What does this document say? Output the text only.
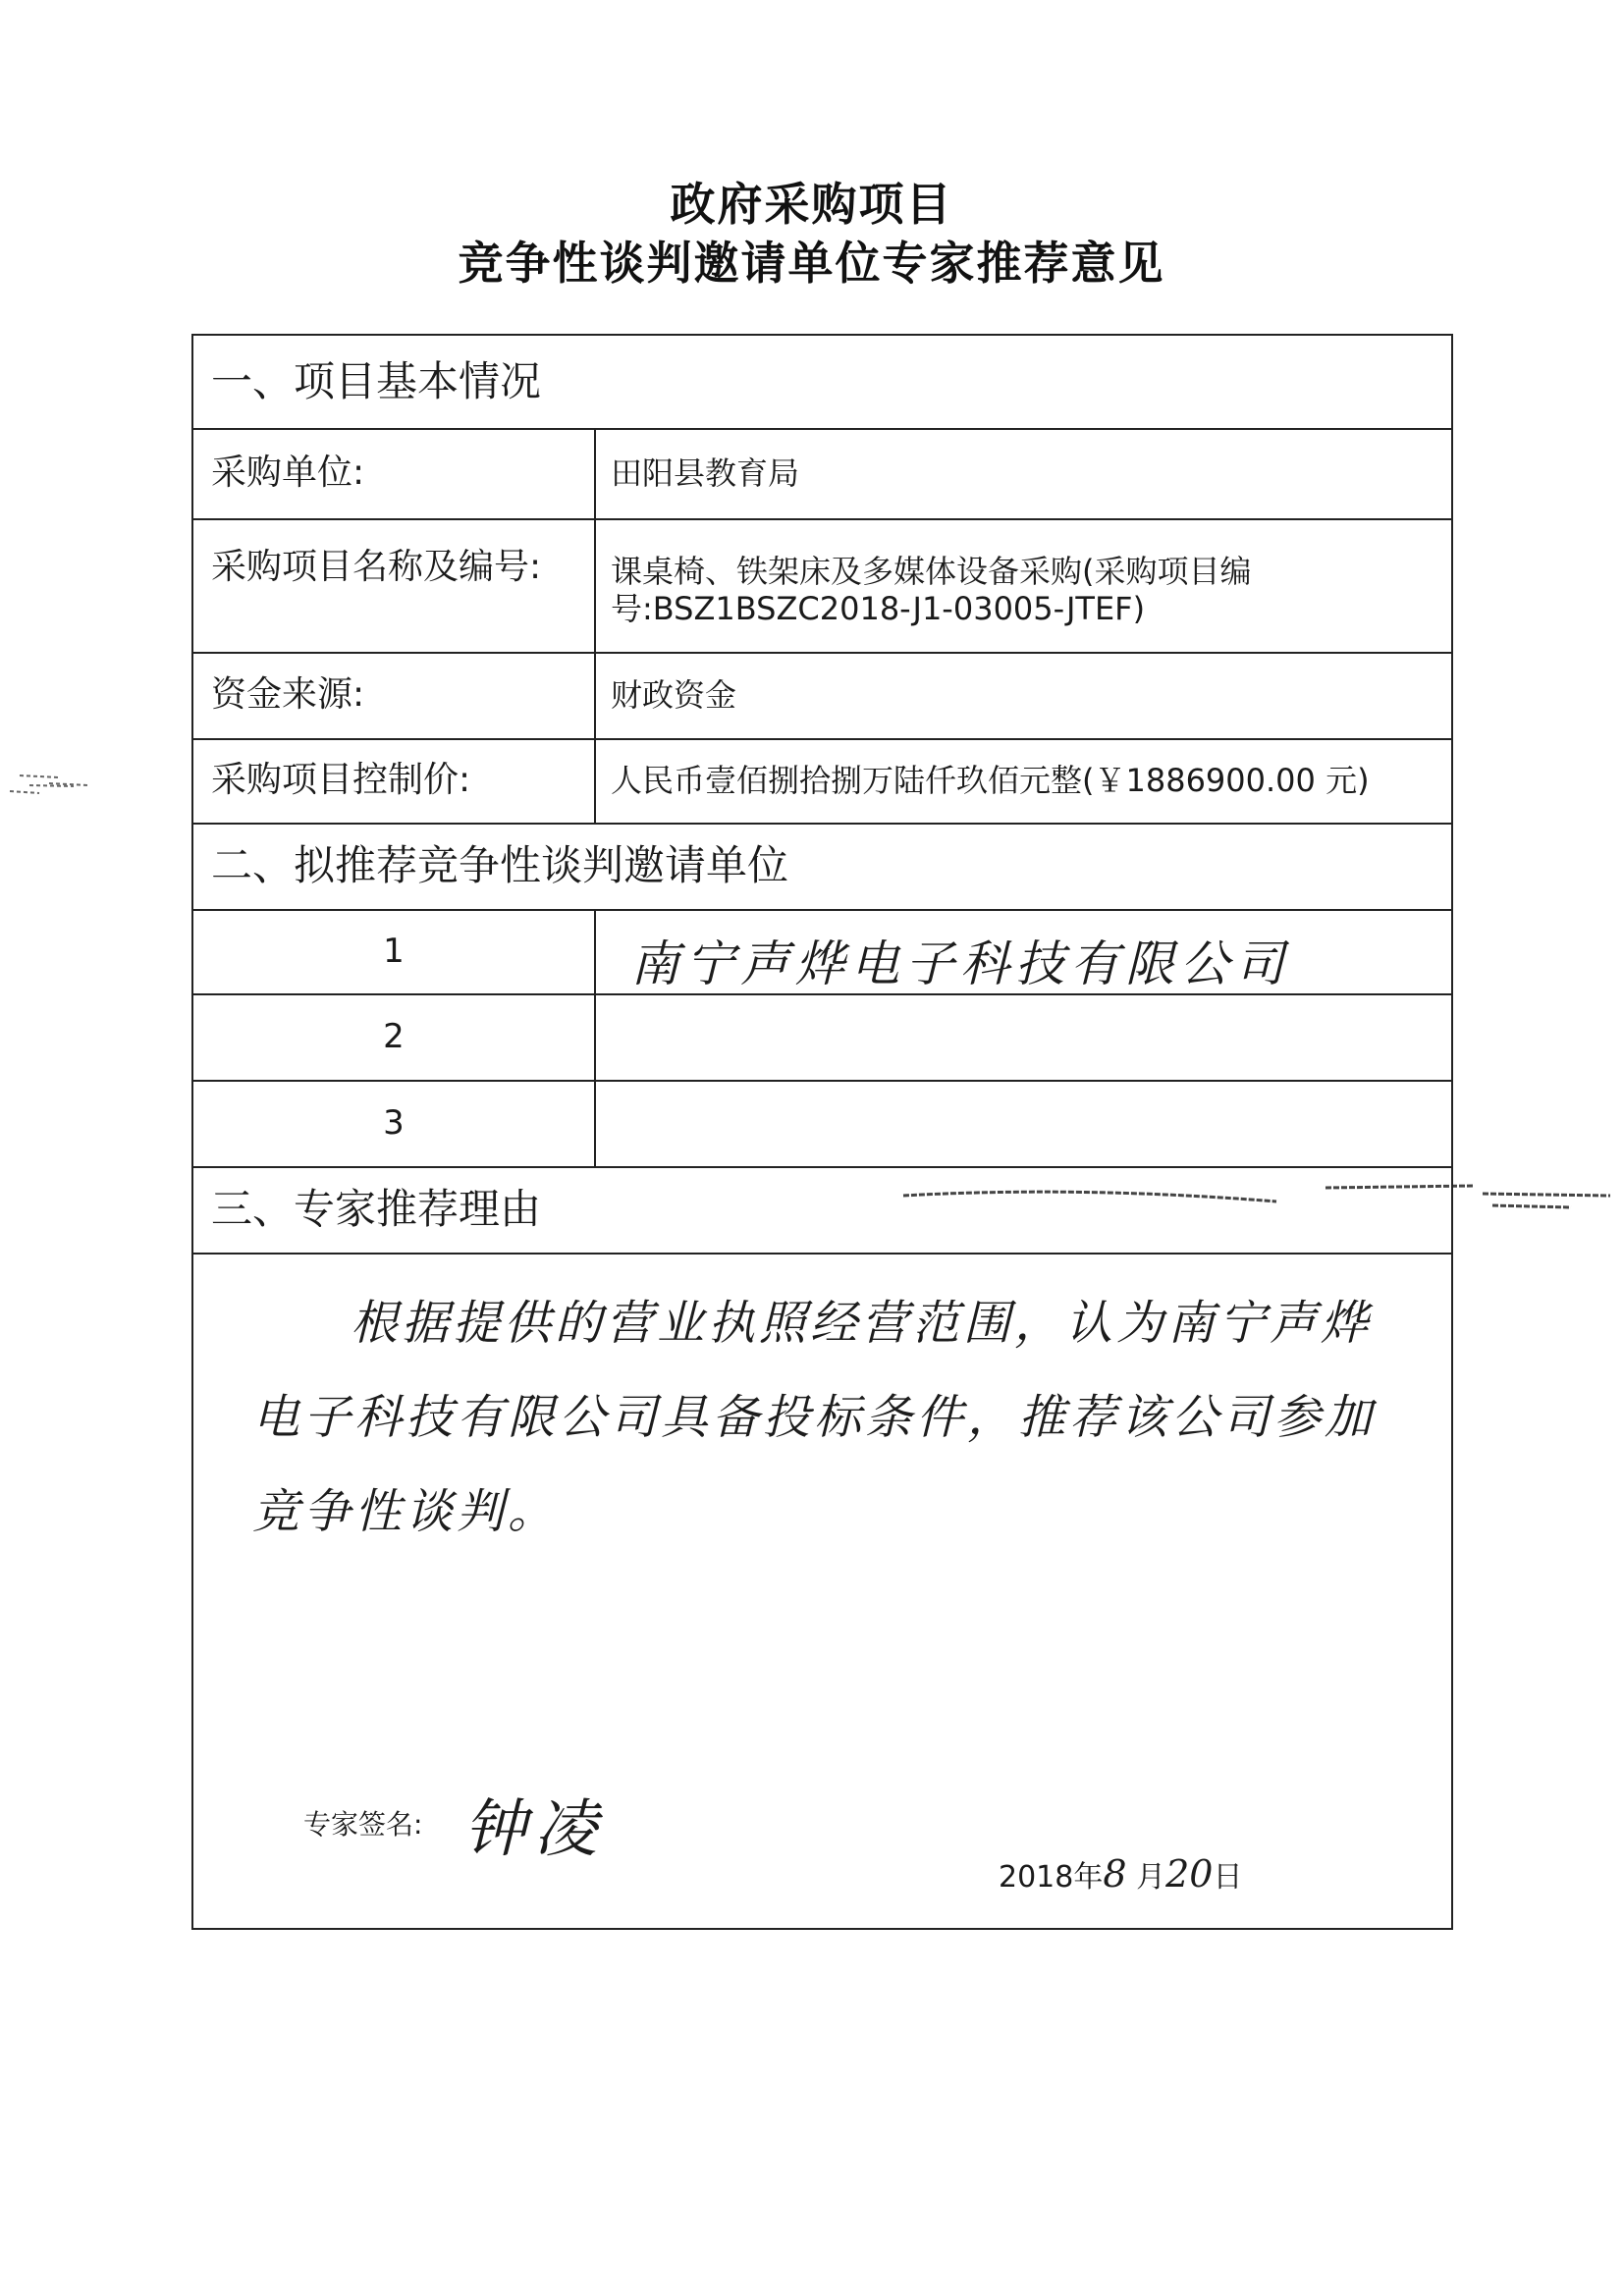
政府采购项目
竞争性谈判邀请单位专家推荐意见
一、项目基本情况
采购单位:	田阳县教育局
采购项目名称及编号: 课桌椅、铁架床及多媒体设备采购(采购项目编号:BSZ1BSZC2018-J1-03005-JTEF)
资金来源:	财政资金
采购项目控制价:	人民币壹佰捌拾捌万陆仟玖佰元整(￥1886900.00 元)
二、拟推荐竞争性谈判邀请单位
1	南宁声烨电子科技有限公司
2
3
三、专家推荐理由
根据提供的营业执照经营范围，认为南宁声烨电子科技有限公司具备投标条件，推荐该公司参加竞争性谈判。
专家签名: 钟凌
2018年8 月20日
